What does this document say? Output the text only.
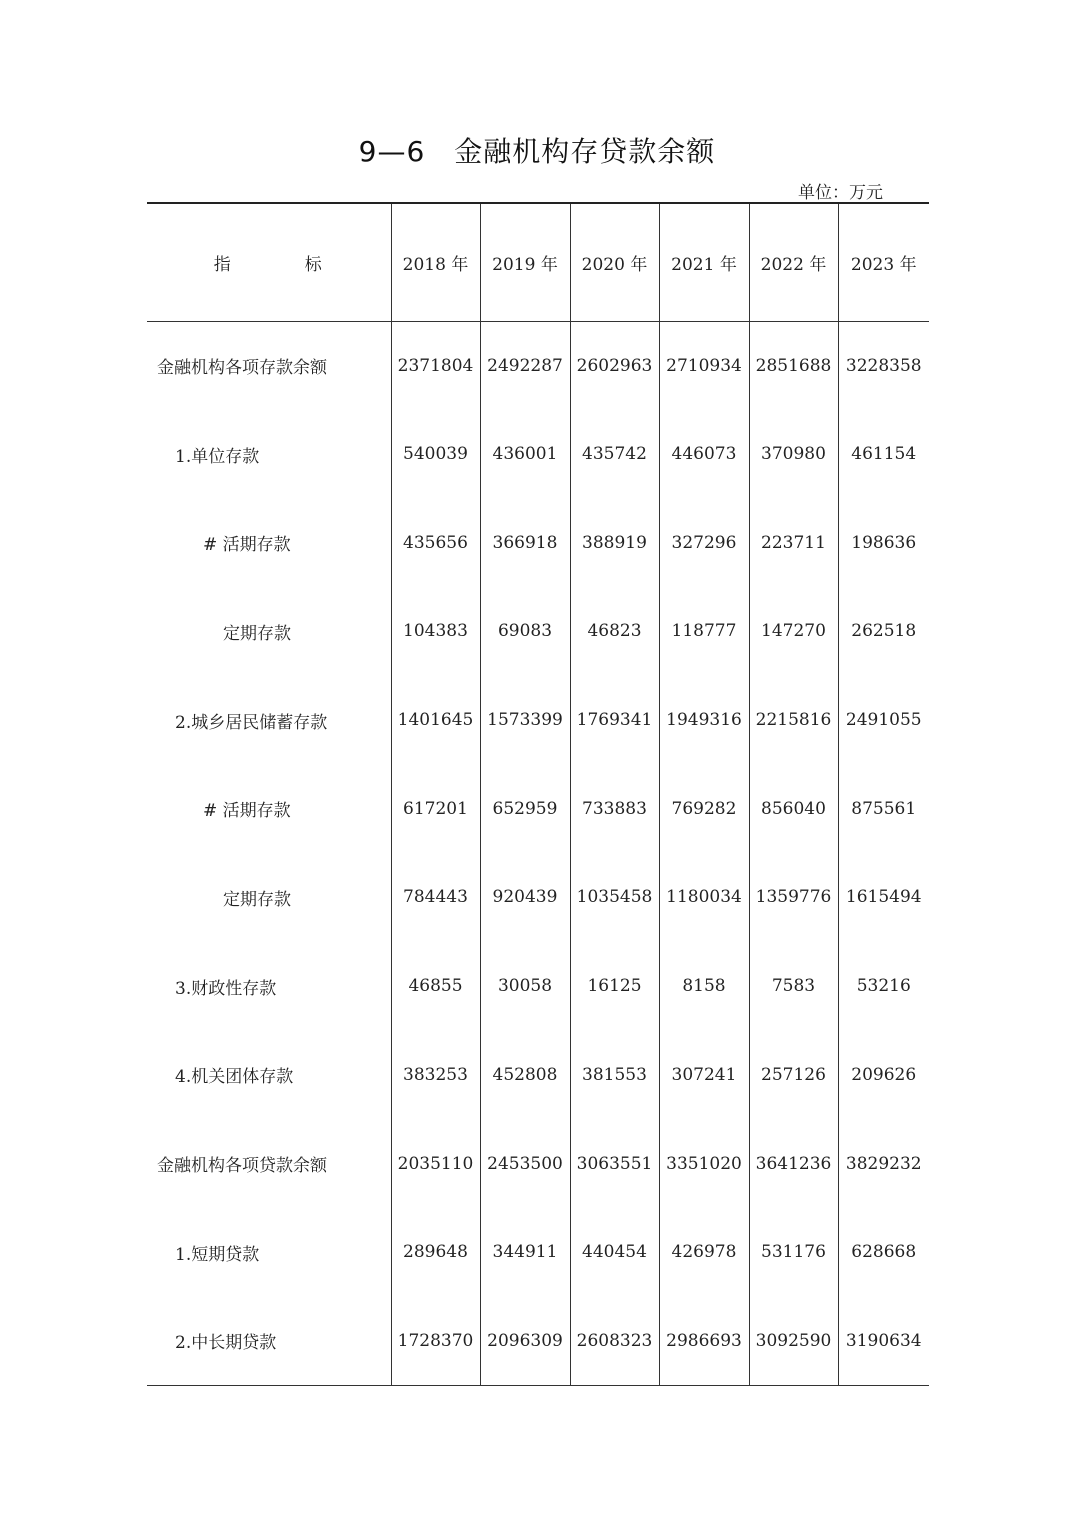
9—6　金融机构存贷款余额
单位：万元
指 标	2018 年	2019 年	2020 年	2021 年	2022 年	2023 年
金融机构各项存款余额	2371804	2492287	2602963	2710934	2851688	3228358
1.单位存款	540039	436001	435742	446073	370980	461154
# 活期存款	435656	366918	388919	327296	223711	198636
定期存款	104383	69083	46823	118777	147270	262518
2.城乡居民储蓄存款	1401645	1573399	1769341	1949316	2215816	2491055
# 活期存款	617201	652959	733883	769282	856040	875561
定期存款	784443	920439	1035458	1180034	1359776	1615494
3.财政性存款	46855	30058	16125	8158	7583	53216
4.机关团体存款	383253	452808	381553	307241	257126	209626
金融机构各项贷款余额	2035110	2453500	3063551	3351020	3641236	3829232
1.短期贷款	289648	344911	440454	426978	531176	628668
2.中长期贷款	1728370	2096309	2608323	2986693	3092590	3190634
